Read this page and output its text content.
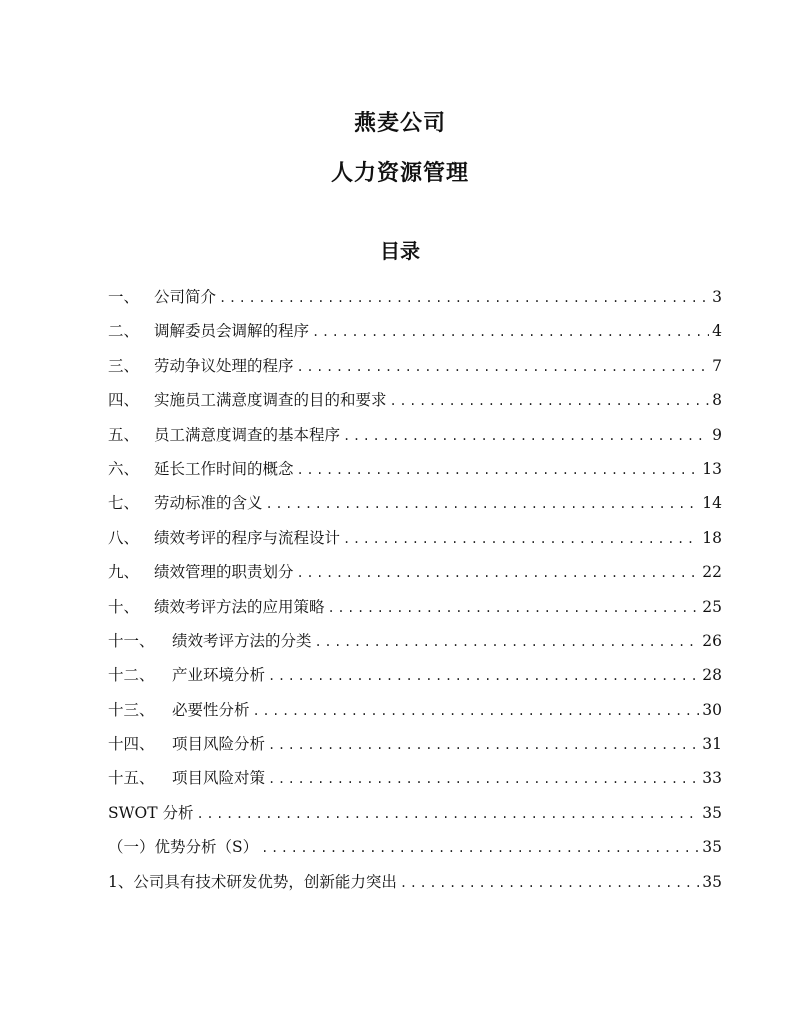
燕麦公司
人力资源管理
目录
一、 公司简介 .....	3
二、 调解委员会调解的程序 .....	4
三、 劳动争议处理的程序 .....	7
四、 实施员工满意度调查的目的和要求 .....	8
五、 员工满意度调查的基本程序 .....	9
六、 延长工作时间的概念 .....	13
七、 劳动标准的含义 .....	14
八、 绩效考评的程序与流程设计 .....	18
九、 绩效管理的职责划分 .....	22
十、 绩效考评方法的应用策略 .....	25
十一、	绩效考评方法的分类 .....	26
十二、	产业环境分析 .....	28
十三、	必要性分析 .....	30
十四、	项目风险分析 .....	31
十五、	项目风险对策 .....	33
SWOT 分析 .....	35
（一）优势分析（S） .....	35
1、公司具有技术研发优势，创新能力突出 .....	35
